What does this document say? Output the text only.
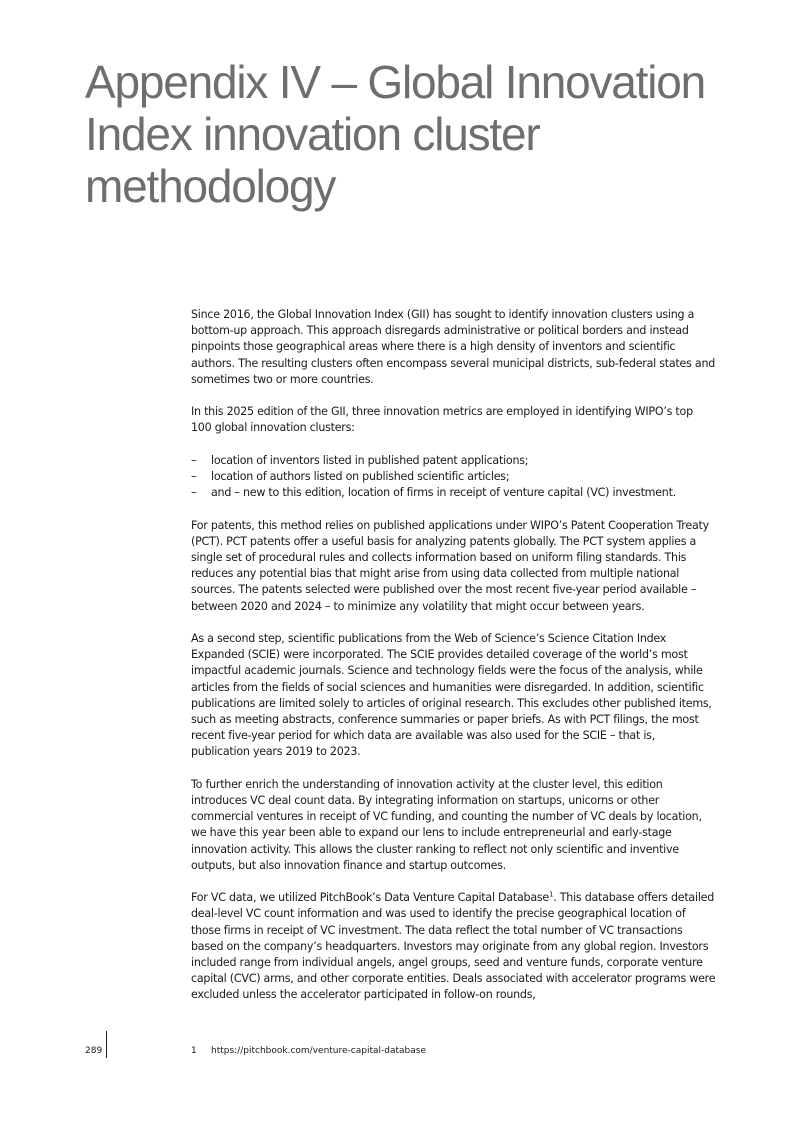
Appendix IV – Global Innovation Index innovation cluster methodology

Since 2016, the Global Innovation Index (GII) has sought to identify innovation clusters using a bottom-up approach. This approach disregards administrative or political borders and instead pinpoints those geographical areas where there is a high density of inventors and scientific authors. The resulting clusters often encompass several municipal districts, sub-federal states and sometimes two or more countries.

In this 2025 edition of the GII, three innovation metrics are employed in identifying WIPO’s top 100 global innovation clusters:

– location of inventors listed in published patent applications;
– location of authors listed on published scientific articles;
– and – new to this edition, location of firms in receipt of venture capital (VC) investment.

For patents, this method relies on published applications under WIPO’s Patent Cooperation Treaty (PCT). PCT patents offer a useful basis for analyzing patents globally. The PCT system applies a single set of procedural rules and collects information based on uniform filing standards. This reduces any potential bias that might arise from using data collected from multiple national sources. The patents selected were published over the most recent five-year period available – between 2020 and 2024 – to minimize any volatility that might occur between years.

As a second step, scientific publications from the Web of Science’s Science Citation Index Expanded (SCIE) were incorporated. The SCIE provides detailed coverage of the world’s most impactful academic journals. Science and technology fields were the focus of the analysis, while articles from the fields of social sciences and humanities were disregarded. In addition, scientific publications are limited solely to articles of original research. This excludes other published items, such as meeting abstracts, conference summaries or paper briefs. As with PCT filings, the most recent five-year period for which data are available was also used for the SCIE – that is, publication years 2019 to 2023.

To further enrich the understanding of innovation activity at the cluster level, this edition introduces VC deal count data. By integrating information on startups, unicorns or other commercial ventures in receipt of VC funding, and counting the number of VC deals by location, we have this year been able to expand our lens to include entrepreneurial and early-stage innovation activity. This allows the cluster ranking to reflect not only scientific and inventive outputs, but also innovation finance and startup outcomes.

For VC data, we utilized PitchBook’s Data Venture Capital Database$^1$. This database offers detailed deal-level VC count information and was used to identify the precise geographical location of those firms in receipt of VC investment. The data reflect the total number of VC transactions based on the company’s headquarters. Investors may originate from any global region. Investors included range from individual angels, angel groups, seed and venture funds, corporate venture capital (CVC) arms, and other corporate entities. Deals associated with accelerator programs were excluded unless the accelerator participated in follow-on rounds,

289	1 https://pitchbook.com/venture-capital-database
